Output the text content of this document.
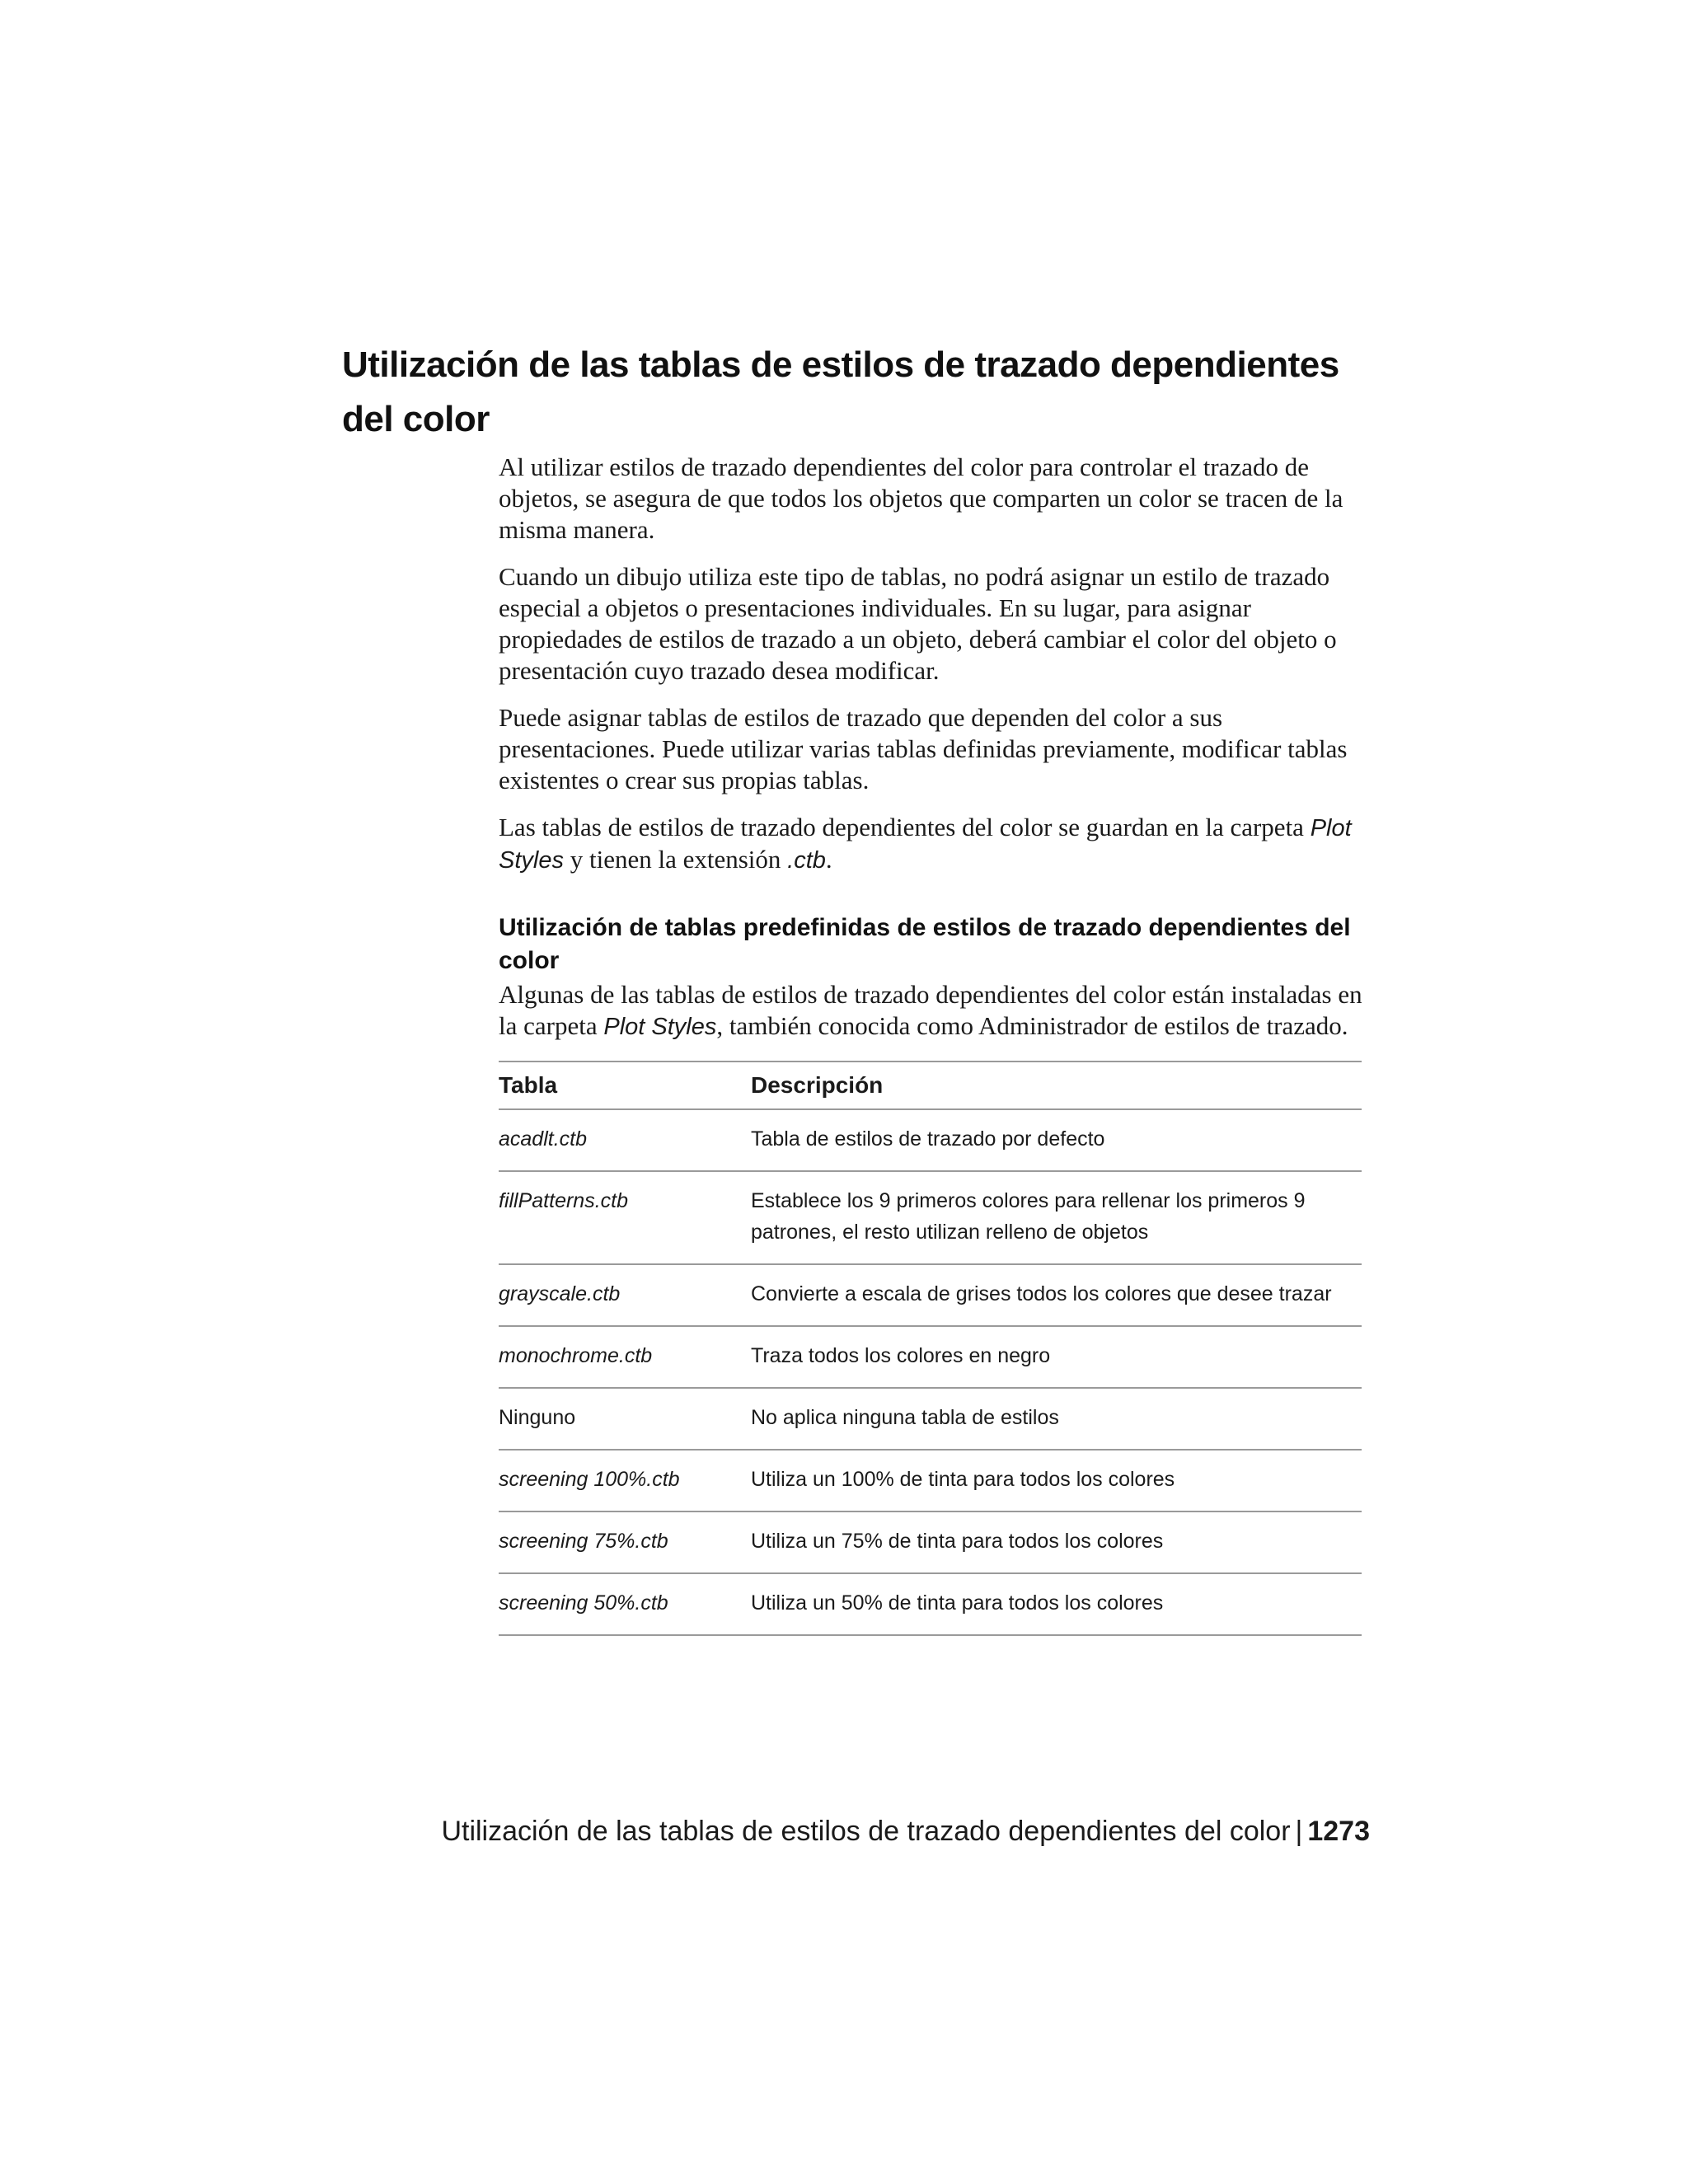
Utilización de las tablas de estilos de trazado dependientes del color

Al utilizar estilos de trazado dependientes del color para controlar el trazado de objetos, se asegura de que todos los objetos que comparten un color se tracen de la misma manera.

Cuando un dibujo utiliza este tipo de tablas, no podrá asignar un estilo de trazado especial a objetos o presentaciones individuales. En su lugar, para asignar propiedades de estilos de trazado a un objeto, deberá cambiar el color del objeto o presentación cuyo trazado desea modificar.

Puede asignar tablas de estilos de trazado que dependen del color a sus presentaciones. Puede utilizar varias tablas definidas previamente, modificar tablas existentes o crear sus propias tablas.

Las tablas de estilos de trazado dependientes del color se guardan en la carpeta Plot Styles y tienen la extensión .ctb.

Utilización de tablas predefinidas de estilos de trazado dependientes del color

Algunas de las tablas de estilos de trazado dependientes del color están instaladas en la carpeta Plot Styles, también conocida como Administrador de estilos de trazado.

Tabla	Descripción
acadlt.ctb	Tabla de estilos de trazado por defecto
fillPatterns.ctb	Establece los 9 primeros colores para rellenar los primeros 9 patrones, el resto utilizan relleno de objetos
grayscale.ctb	Convierte a escala de grises todos los colores que desee trazar
monochrome.ctb	Traza todos los colores en negro
Ninguno	No aplica ninguna tabla de estilos
screening 100%.ctb	Utiliza un 100% de tinta para todos los colores
screening 75%.ctb	Utiliza un 75% de tinta para todos los colores
screening 50%.ctb	Utiliza un 50% de tinta para todos los colores
Utilización de las tablas de estilos de trazado dependientes del color | 1273
